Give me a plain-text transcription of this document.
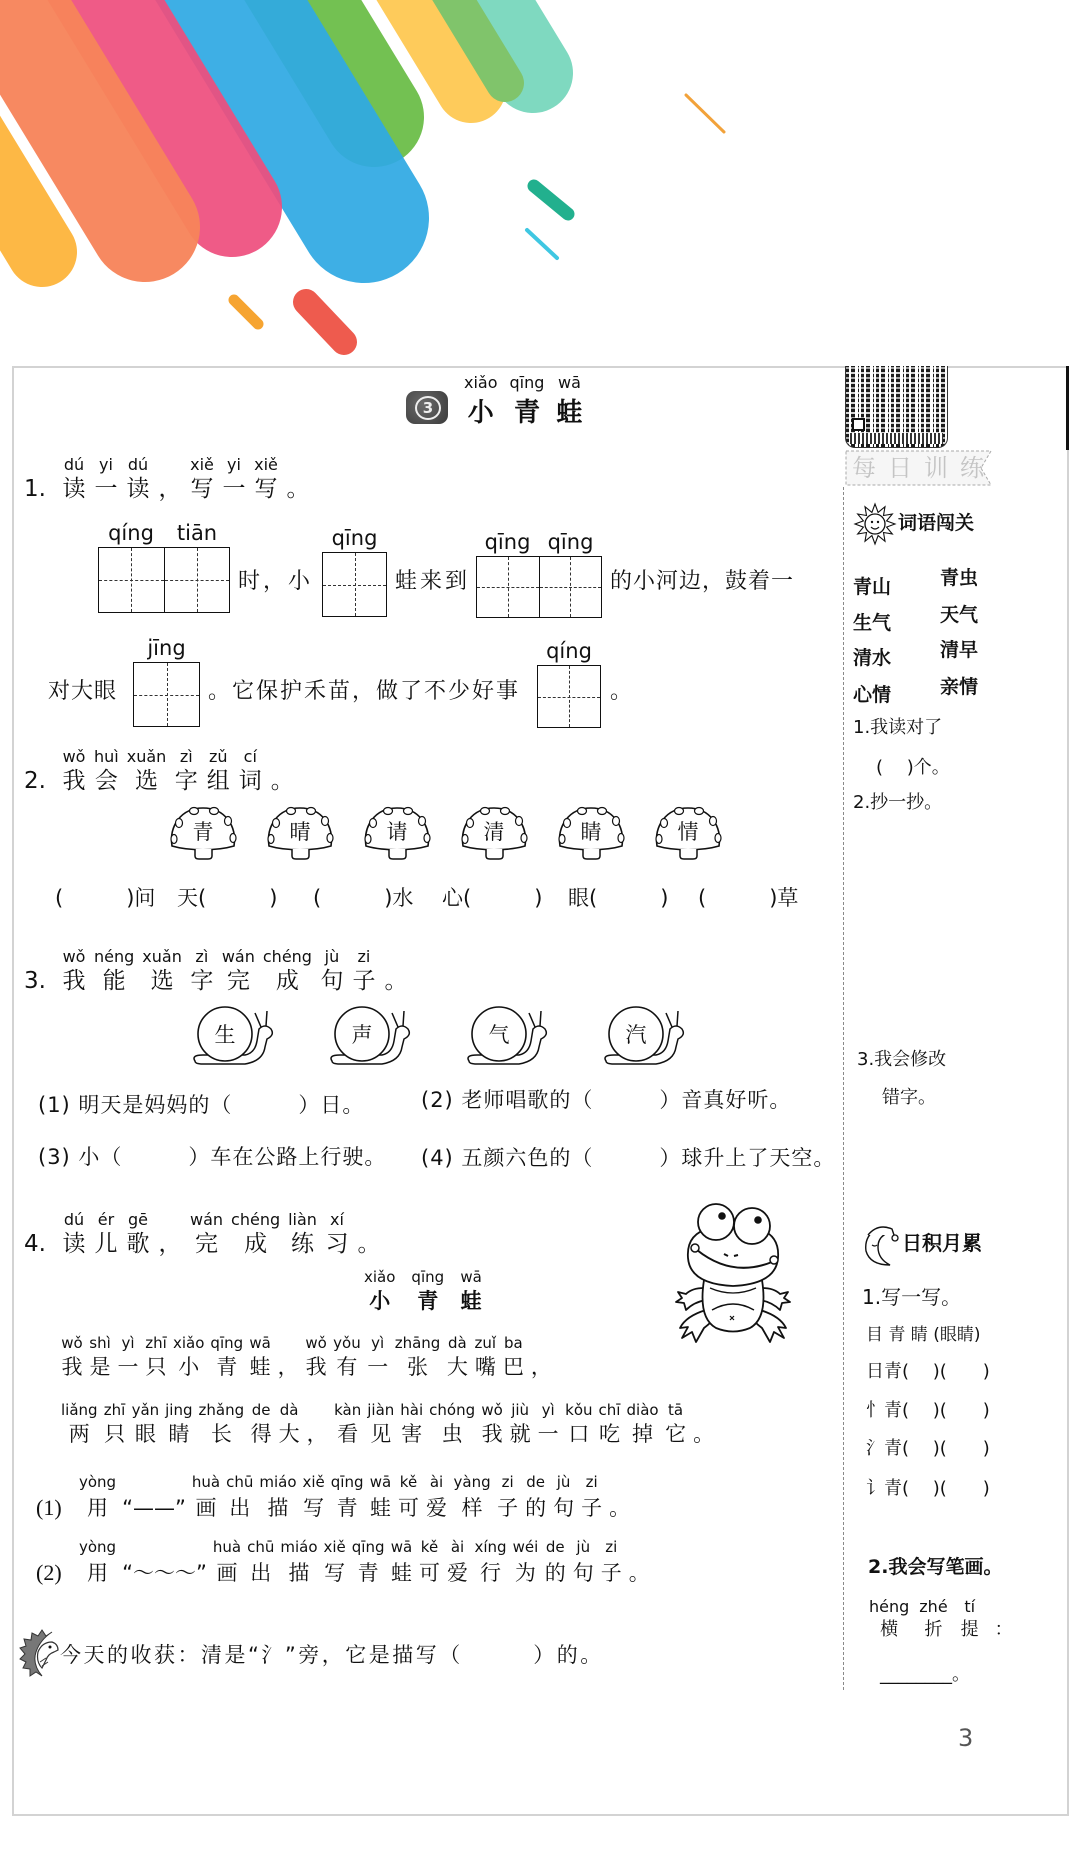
3
xiǎo
小
qīng
青
wā
蛙
1.
dú
读
yi
一
dú
读 ，
xiě
写
yi
一
xiě
写 。
qíng	tiān
时，小
qīng
蛙来到
qīng qīng
的小河边，鼓着一
对大眼
jīng
。它保护禾苗，做了不少好事
qíng
。
2.
wǒ
我
huì
会
xuǎn
选
zì
字
zǔ
组
cí
词 。
青	晴	请	清	睛	情
(　　　)问 天(　　　) (　　　)水 心(　　　) 眼(　　　) (　　　)草
3.
wǒ
我
néng
能
xuǎn
选
zì
字
wán
完
chéng
成
jù
句
zi
子 。
生	声	气	汽
(1) 明天是妈妈的（　　　）日。	(2) 老师唱歌的（　　　）音真好听。
(3) 小（　　　）车在公路上行驶。 (4) 五颜六色的（　　　）球升上了天空。
4.
dú
读
ér
儿
gē
歌 ，
wán
完
chéng
成
liàn
练
xí
习 。
xiǎo
小
qīng
青
wā
蛙
wǒ
我
shì
是
yì
一
zhī
只
xiǎo
小
qīng
青
wā
蛙 ，
wǒ
我
yǒu
有
yì
一
zhāng
张
dà
大
zuǐ
嘴
ba
巴 ，
liǎng
两
zhī
只
yǎn
眼
jing
睛
zhǎng
长
de
得
dà
大 ，
kàn
看
jiàn
见
hài
害
chóng
虫
wǒ
我
jiù
就
yì
一
kǒu
口
chī
吃
diào
掉
tā
它 。
(1)
yòng
用 “——”
huà
画
chū
出
miáo
描
xiě
写
qīng
青
wā
蛙
kě
可
ài
爱
yàng
样
zi
子
de
的
jù
句
zi
子 。
(2)
yòng
用 “～～～”
huà
画
chū
出
miáo
描
xiě
写
qīng
青
wā
蛙
kě
可
ài
爱
xíng
行
wéi
为
de
的
jù
句
zi
子 。
今天的收获：清是“氵”旁，它是描写（　　　）的。
每日训练
词语闯关
青山	青虫
生气	天气
清水	清早
心情	亲情
1.我读对了
(　 )个。
2.抄一抄。
3.我会修改
错字。
日积月累
1.写一写。
目 青 睛 (眼睛)
日青(　 )(　　)
忄青(　 )(　　)
氵青(　 )(　　)
讠青(　 )(　　)
2.我会写笔画。
héng
横
zhé
折
tí
提 ：
________。
3
